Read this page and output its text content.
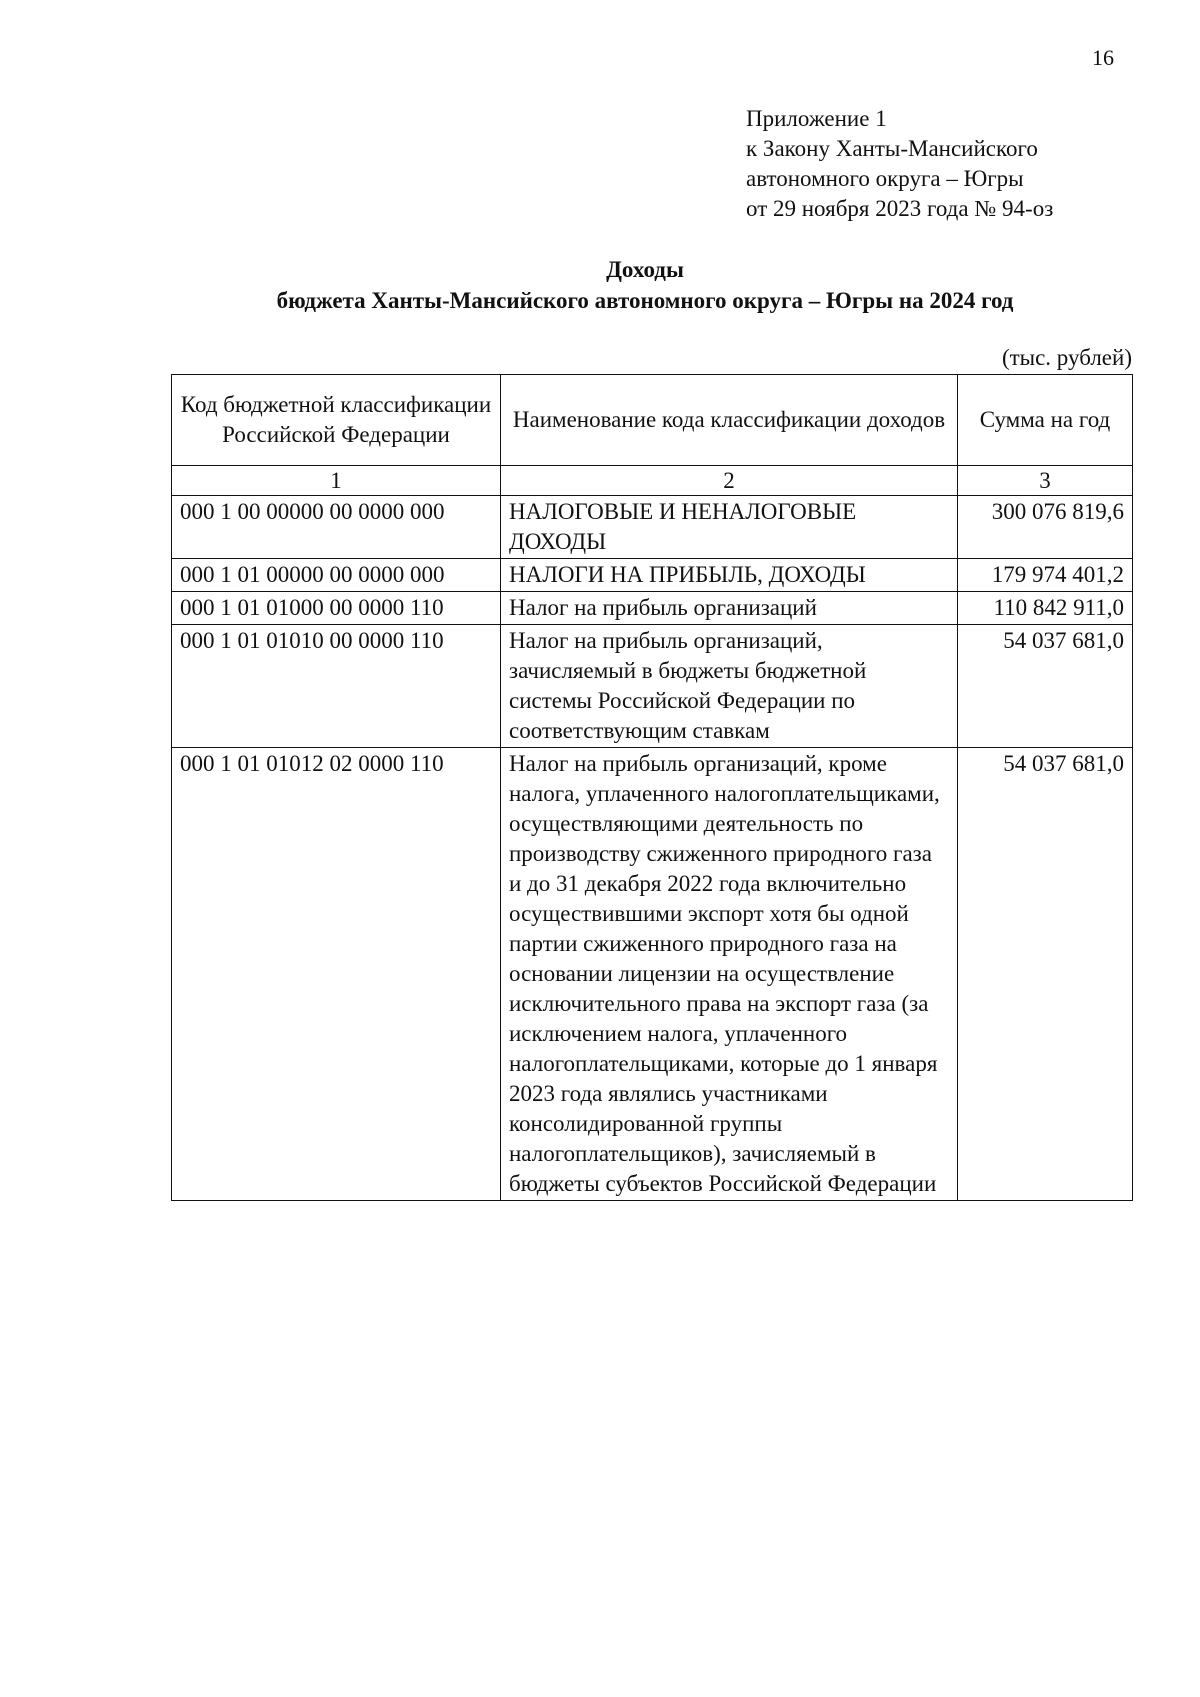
16
Приложение 1
к Закону Ханты-Мансийского
автономного округа – Югры
от 29 ноября 2023 года № 94-оз
Доходы
бюджета Ханты-Мансийского автономного округа – Югры на 2024 год
(тыс. рублей)
Код бюджетной классификации Российской Федерации	Наименование кода классификации доходов	Сумма на год
1	2	3
000 1 00 00000 00 0000 000	НАЛОГОВЫЕ И НЕНАЛОГОВЫЕ ДОХОДЫ	300 076 819,6
000 1 01 00000 00 0000 000	НАЛОГИ НА ПРИБЫЛЬ, ДОХОДЫ	179 974 401,2
000 1 01 01000 00 0000 110	Налог на прибыль организаций	110 842 911,0
000 1 01 01010 00 0000 110	Налог на прибыль организаций, зачисляемый в бюджеты бюджетной системы Российской Федерации по соответствующим ставкам	54 037 681,0
000 1 01 01012 02 0000 110	Налог на прибыль организаций, кроме налога, уплаченного налогоплательщиками, осуществляющими деятельность по производству сжиженного природного газа и до 31 декабря 2022 года включительно осуществившими экспорт хотя бы одной партии сжиженного природного газа на основании лицензии на осуществление исключительного права на экспорт газа (за исключением налога, уплаченного налогоплательщиками, которые до 1 января 2023 года являлись участниками консолидированной группы налогоплательщиков), зачисляемый в бюджеты субъектов Российской Федерации	54 037 681,0
